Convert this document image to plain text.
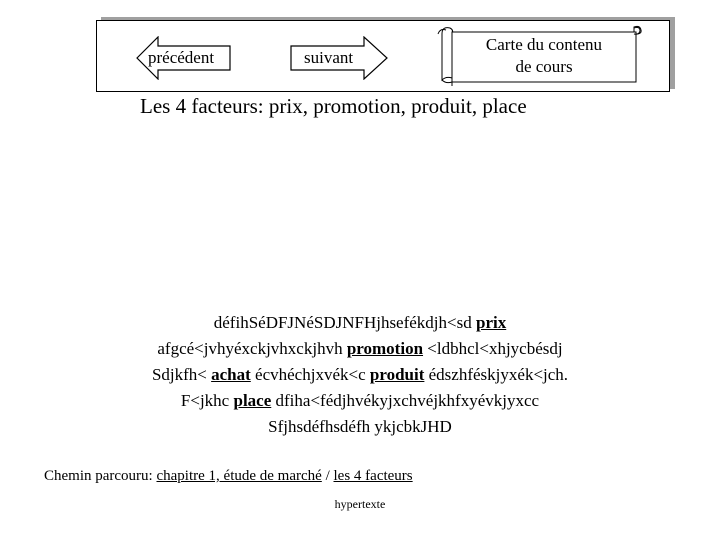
précédent	suivant
Carte du contenu
de cours
Les 4 facteurs: prix, promotion, produit, place

défihSéDFJNéSDJNFHjhsefékdjh<sd prix

afgcé<jvhyéxckjvhxckjhvh promotion <ldbhcl<xhjycbésdj

Sdjkfh< achat écvhéchjxvék<c produit édszhféskjyxék<jch.

F<jkhc place dfiha<fédjhvékyjxchvéjkhfxyévkjyxcc

Sfjhsdéfhsdéfh ykjcbkJHD

Chemin parcouru: chapitre 1, étude de marché / les 4 facteurs
hypertexte
